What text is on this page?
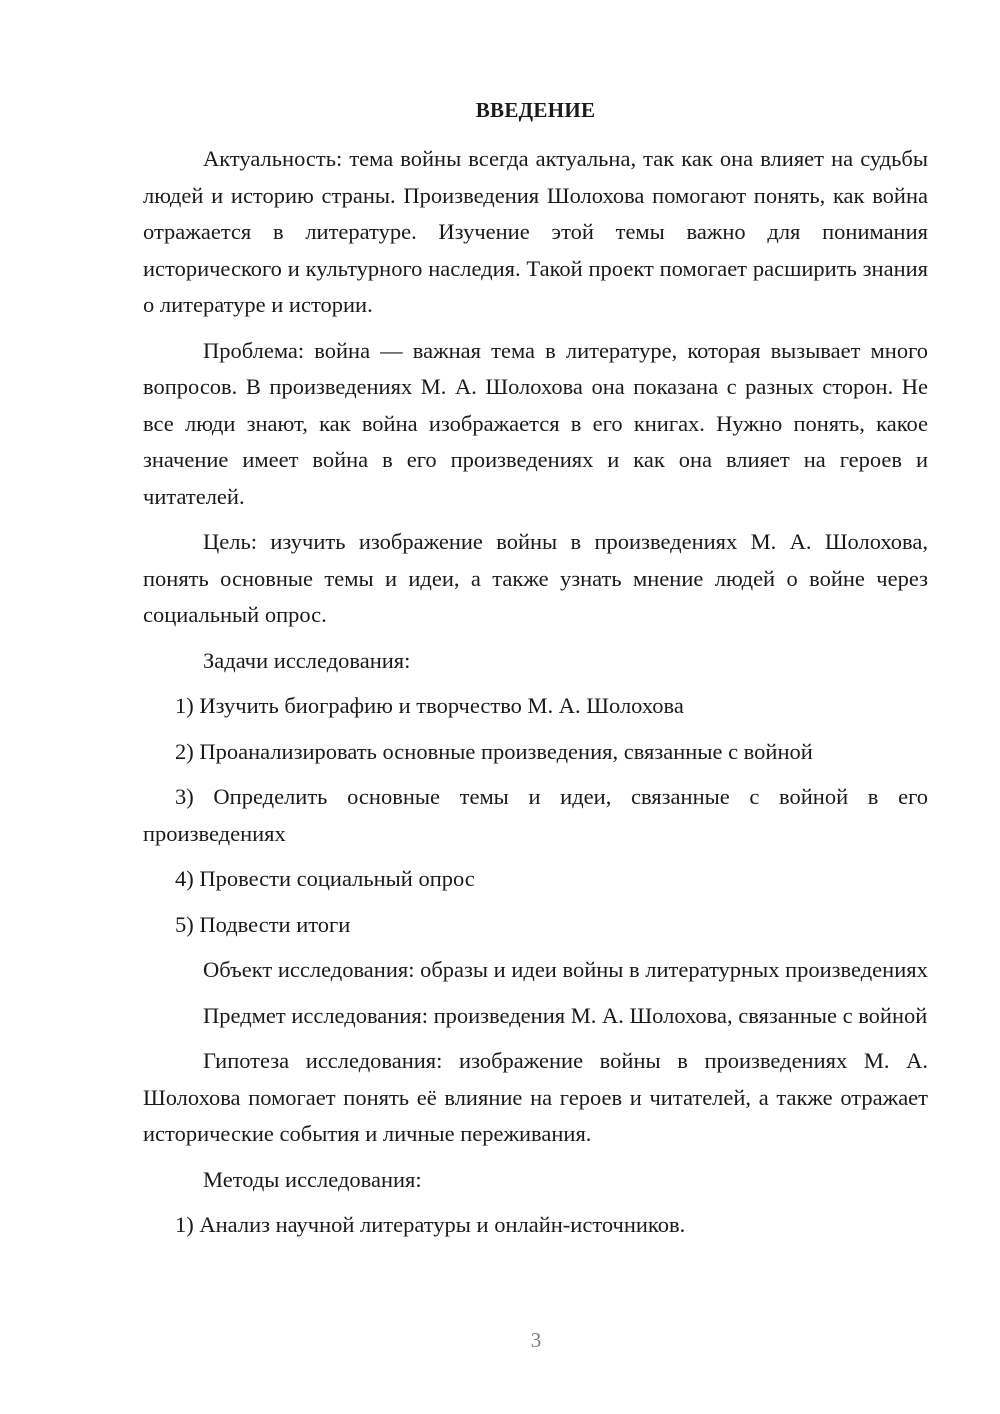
ВВЕДЕНИЕ

Актуальность: тема войны всегда актуальна, так как она влияет на судьбы людей и историю страны. Произведения Шолохова помогают понять, как война отражается в литературе. Изучение этой темы важно для понимания исторического и культурного наследия. Такой проект помогает расширить знания о литературе и истории.

Проблема: война — важная тема в литературе, которая вызывает много вопросов. В произведениях М. А. Шолохова она показана с разных сторон. Не все люди знают, как война изображается в его книгах. Нужно понять, какое значение имеет война в его произведениях и как она влияет на героев и читателей.

Цель: изучить изображение войны в произведениях М. А. Шолохова, понять основные темы и идеи, а также узнать мнение людей о войне через социальный опрос.

Задачи исследования:

1) Изучить биографию и творчество М. А. Шолохова

2) Проанализировать основные произведения, связанные с войной

3) Определить основные темы и идеи, связанные с войной в его произведениях

4) Провести социальный опрос

5) Подвести итоги

Объект исследования: образы и идеи войны в литературных произведениях

Предмет исследования: произведения М. А. Шолохова, связанные с войной

Гипотеза исследования: изображение войны в произведениях М. А. Шолохова помогает понять её влияние на героев и читателей, а также отражает исторические события и личные переживания.

Методы исследования:

1) Анализ научной литературы и онлайн-источников.

3
